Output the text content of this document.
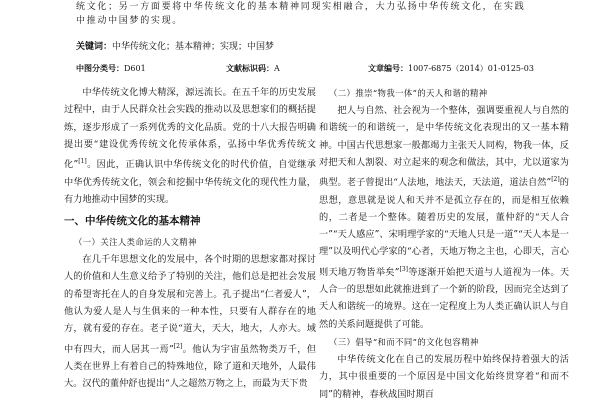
统文化；另一方面要将中华传统文化的基本精神同现实相融合，大力弘扬中华传统文化，在实践
中推动中国梦的实现。
关键词：中华传统文化；基本精神；实现；中国梦
中图分类号：D601	文献标识码：A	文章编号：1007-6875（2014）01-0125-03

中华传统文化博大精深，源远流长。在五千年的历史发展过程中，由于人民群众社会实践的推动以及思想家们的概括提炼，逐步形成了一系列优秀的文化品质。党的十八大报告明确提出要“建设优秀传统文化传承体系，弘扬中华优秀传统文化”[1]。因此，正确认识中华传统文化的时代价值，自觉继承中华优秀传统文化，领会和挖掘中华传统文化的现代性力量，有力地推动中国梦的实现。

一、中华传统文化的基本精神
（一）关注人类命运的人文精神

在几千年思想文化的发展中，各个时期的思想家都对探讨人的价值和人生意义给予了特别的关注，他们总是把社会发展的希望寄托在人的自身发展和完善上。孔子提出“仁者爱人”，他认为爱人是人与生俱来的一种本性，只要有人群存在的地方，就有爱的存在。老子说“道大，天大，地大，人亦大。域中有四大，而人居其一焉”[2]。他认为宇宙虽然物类万千，但人类在世界上有着自己的特殊地位，除了道和天地外，人最伟大。汉代的董仲舒也提出“人之超然万物之上，而最为天下贵

（二）推崇“物我一体”的天人和谐的精神

把人与自然、社会视为一个整体，强调要重视人与自然的和谐统一的和谐统一，是中华传统文化表现出的又一基本精神。中国古代思想家一般都竭力主张天人同构，物我一体，反对把天和人割裂、对立起来的观念和做法，其中，尤以道家为典型。老子曾提出“人法地，地法天，天法道，道法自然”[2]的思想，意思就是说人和天并不是孤立存在的，而是相互依赖的，二者是一个整体。随着历史的发展，董仲舒的“天人合一”“天人感应”、宋明理学家的“天地人只是一道”“天人本是一理”以及明代心学家的“心者，天地万物之主也，心即天，言心则天地万物皆举矣”[3]等逐渐开始把天道与人道视为一体。天人合一的思想如此就推进到了一个新的阶段，因而完全达到了天人和谐统一的境界。这在一定程度上为人类正确认识人与自然的关系问题提供了可能。

（三）倡导“和而不同”的文化包容精神

中华传统文化在自己的发展历程中始终保持着强大的活力，其中很重要的一个原因是中国文化始终贯穿着“和而不同”的精神，春秋战国时期百
